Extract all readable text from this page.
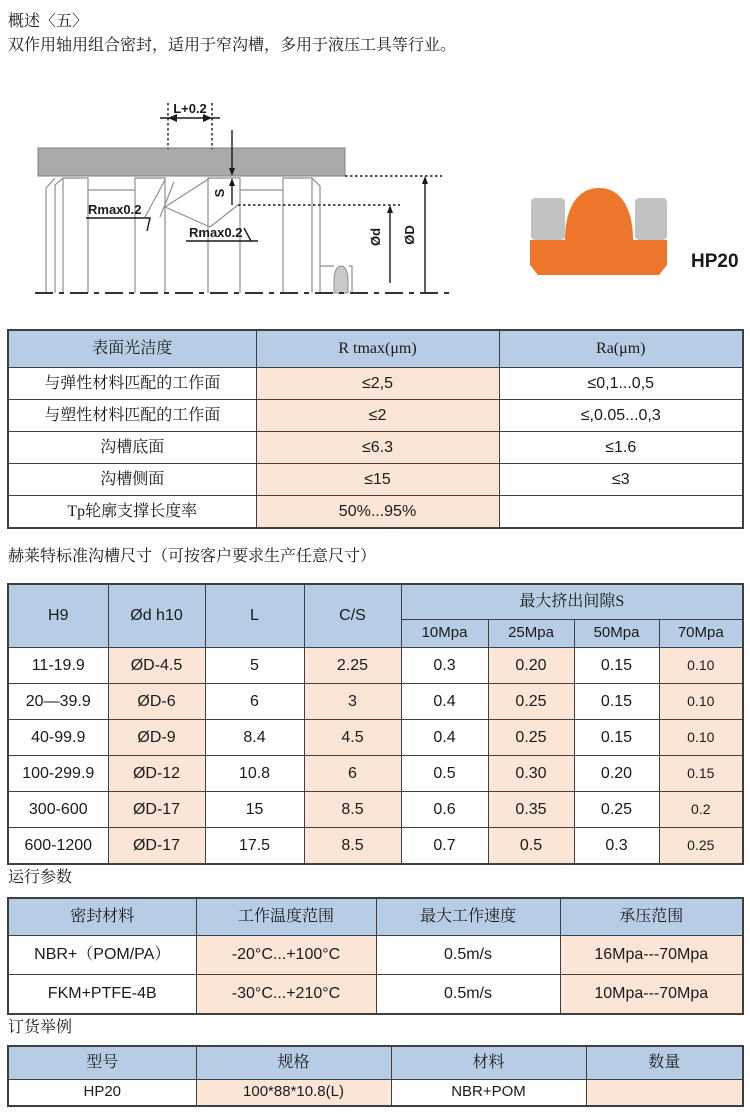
概述〈五〉
双作用轴用组合密封，适用于窄沟槽，多用于液压工具等行业。
L+0.2
S
Ød ØD
Rmax0.2
Rmax0.2
HP20
表面光洁度	R tmax(μm)	Ra(μm)
与弹性材料匹配的工作面	≤2,5	≤0,1...0,5
与塑性材料匹配的工作面	≤2	≤,0.05...0,3
沟槽底面	≤6.3	≤1.6
沟槽侧面	≤15	≤3
Tp轮廓支撑长度率	50%...95%	
赫莱特标准沟槽尺寸（可按客户要求生产任意尺寸）
H9	Ød h10	L	C/S	最大挤出间隙S			
				10Mpa	25Mpa	50Mpa	70Mpa
11-19.9	ØD-4.5	5	2.25	0.3	0.20	0.15	0.10
20—39.9	ØD-6	6	3	0.4	0.25	0.15	0.10
40-99.9	ØD-9	8.4	4.5	0.4	0.25	0.15	0.10
100-299.9	ØD-12	10.8	6	0.5	0.30	0.20	0.15
300-600	ØD-17	15	8.5	0.6	0.35	0.25	0.2
600-1200	ØD-17	17.5	8.5	0.7	0.5	0.3	0.25
运行参数
密封材料	工作温度范围	最大工作速度	承压范围
NBR+（POM/PA）	-20°C...+100°C	0.5m/s	16Mpa---70Mpa
FKM+PTFE-4B	-30°C...+210°C	0.5m/s	10Mpa---70Mpa
订货举例
型号	规格	材料	数量
HP20	100*88*10.8(L)	NBR+POM	
